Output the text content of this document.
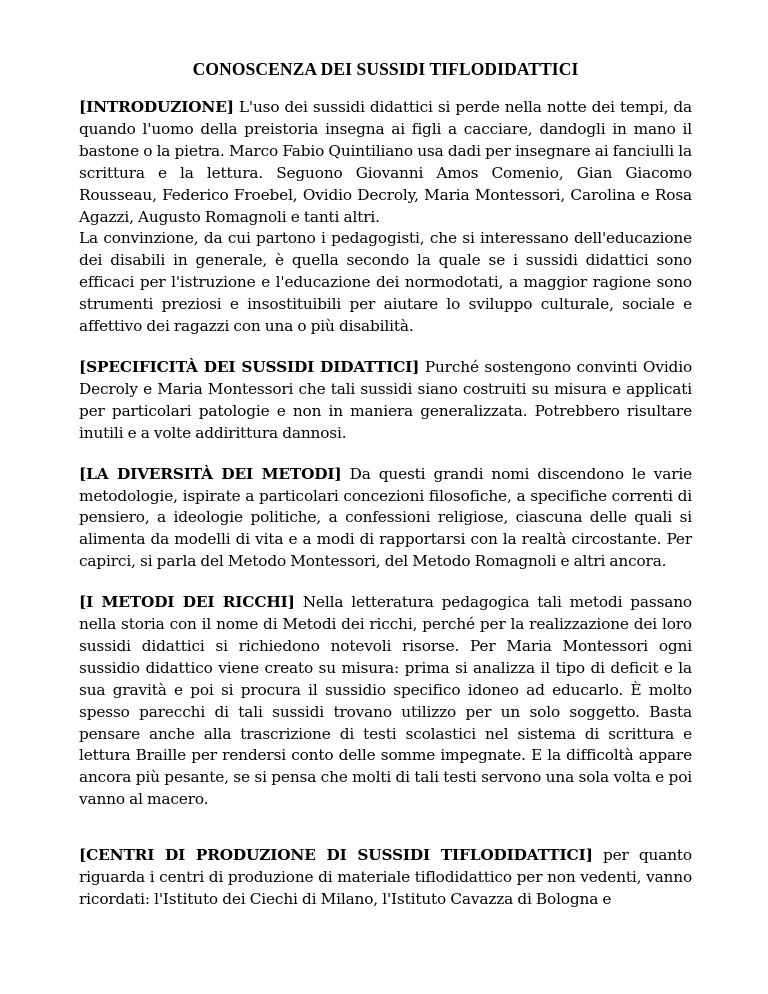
CONOSCENZA DEI SUSSIDI TIFLODIDATTICI

[INTRODUZIONE] L'uso dei sussidi didattici si perde nella notte dei tempi, da quando l'uomo della preistoria insegna ai figli a cacciare, dandogli in mano il bastone o la pietra. Marco Fabio Quintiliano usa dadi per insegnare ai fanciulli la scrittura e la lettura. Seguono Giovanni Amos Comenio, Gian Giacomo Rousseau, Federico Froebel, Ovidio Decroly, Maria Montessori, Carolina e Rosa Agazzi, Augusto Romagnoli e tanti altri.

La convinzione, da cui partono i pedagogisti, che si interessano dell'educazione dei disabili in generale, è quella secondo la quale se i sussidi didattici sono efficaci per l'istruzione e l'educazione dei normodotati, a maggior ragione sono strumenti preziosi e insostituibili per aiutare lo sviluppo culturale, sociale e affettivo dei ragazzi con una o più disabilità.

[SPECIFICITÀ DEI SUSSIDI DIDATTICI] Purché sostengono convinti Ovidio Decroly e Maria Montessori che tali sussidi siano costruiti su misura e applicati per particolari patologie e non in maniera generalizzata. Potrebbero risultare inutili e a volte addirittura dannosi.

[LA DIVERSITÀ DEI METODI] Da questi grandi nomi discendono le varie metodologie, ispirate a particolari concezioni filosofiche, a specifiche correnti di pensiero, a ideologie politiche, a confessioni religiose, ciascuna delle quali si alimenta da modelli di vita e a modi di rapportarsi con la realtà circostante. Per capirci, si parla del Metodo Montessori, del Metodo Romagnoli e altri ancora.

[I METODI DEI RICCHI] Nella letteratura pedagogica tali metodi passano nella storia con il nome di Metodi dei ricchi, perché per la realizzazione dei loro sussidi didattici si richiedono notevoli risorse. Per Maria Montessori ogni sussidio didattico viene creato su misura: prima si analizza il tipo di deficit e la sua gravità e poi si procura il sussidio specifico idoneo ad educarlo. È molto spesso parecchi di tali sussidi trovano utilizzo per un solo soggetto. Basta pensare anche alla trascrizione di testi scolastici nel sistema di scrittura e lettura Braille per rendersi conto delle somme impegnate. E la difficoltà appare ancora più pesante, se si pensa che molti di tali testi servono una sola volta e poi vanno al macero.

[CENTRI DI PRODUZIONE DI SUSSIDI TIFLODIDATTICI] per quanto riguarda i centri di produzione di materiale tiflodidattico per non vedenti, vanno ricordati: l'Istituto dei Ciechi di Milano, l'Istituto Cavazza di Bologna e
